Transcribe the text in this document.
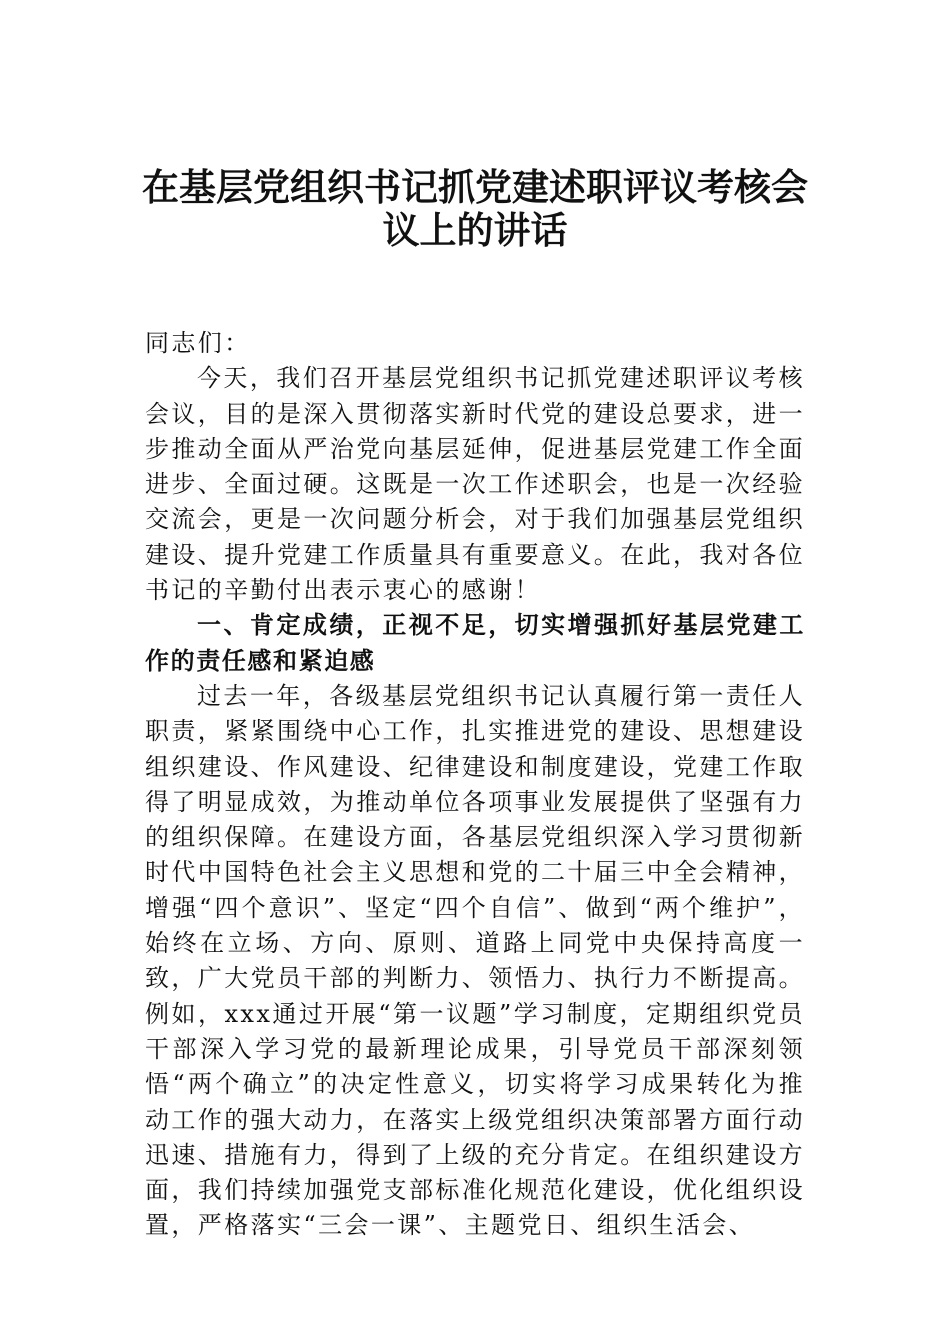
在基层党组织书记抓党建述职评议考核会
议上的讲话

同志们：

今天，我们召开基层党组织书记抓党建述职评议考核会议，目的是深入贯彻落实新时代党的建设总要求，进一步推动全面从严治党向基层延伸，促进基层党建工作全面进步、全面过硬。这既是一次工作述职会，也是一次经验交流会，更是一次问题分析会，对于我们加强基层党组织建设、提升党建工作质量具有重要意义。在此，我对各位书记的辛勤付出表示衷心的感谢！

一、肯定成绩，正视不足，切实增强抓好基层党建工作的责任感和紧迫感

过去一年，各级基层党组织书记认真履行第一责任人职责，紧紧围绕中心工作，扎实推进党的建设、思想建设组织建设、作风建设、纪律建设和制度建设，党建工作取得了明显成效，为推动单位各项事业发展提供了坚强有力的组织保障。在建设方面，各基层党组织深入学习贯彻新时代中国特色社会主义思想和党的二十届三中全会精神，增强“四个意识”、坚定“四个自信”、做到“两个维护”，始终在立场、方向、原则、道路上同党中央保持高度一致，广大党员干部的判断力、领悟力、执行力不断提高。例如，xxx通过开展“第一议题”学习制度，定期组织党员干部深入学习党的最新理论成果，引导党员干部深刻领悟“两个确立”的决定性意义，切实将学习成果转化为推动工作的强大动力，在落实上级党组织决策部署方面行动迅速、措施有力，得到了上级的充分肯定。在组织建设方面，我们持续加强党支部标准化规范化建设，优化组织设置，严格落实“三会一课”、主题党日、组织生活会、
